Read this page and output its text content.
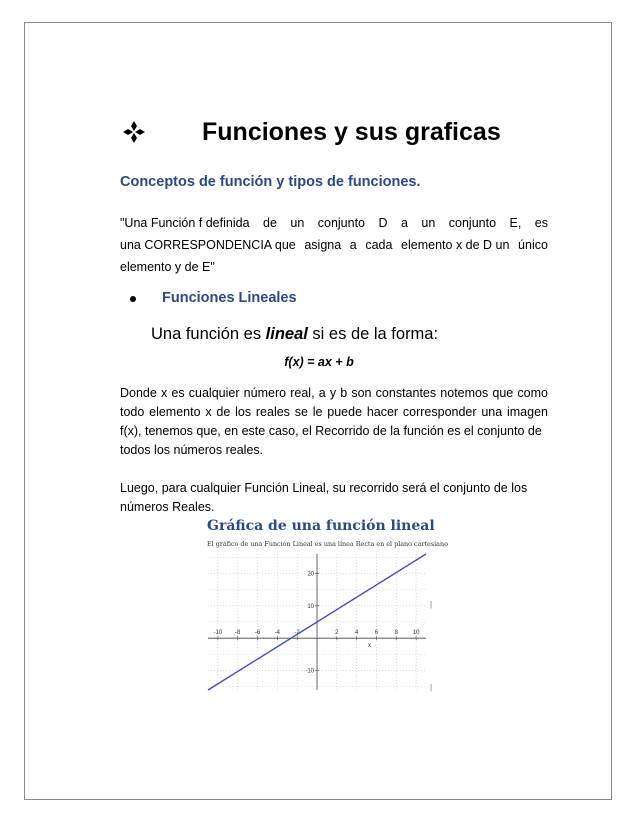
Funciones y sus graficas
Conceptos de función y tipos de funciones.
"Una Función f definida de un conjunto D a un conjunto E, es
una CORRESPONDENCIA que asigna a cada elemento x de D un único
elemento y de E"
Funciones Lineales
Una función es lineal si es de la forma:
f(x) = ax + b
Donde x es cualquier número real, a y b son constantes notemos que como todo elemento x de los reales se le puede hacer corresponder una imagen f(x), tenemos que, en este caso, el Recorrido de la función es el conjunto de
todos los números reales.
Luego, para cualquier Función Lineal, su recorrido será el conjunto de los
números Reales.
Gráfica de una función lineal
El gráfico de una Función Lineal es una línea Recta en el plano cartesiano
-10 -8 -6 -4 -2	2	4	6	8 10
20
10
-10
x
|
|
